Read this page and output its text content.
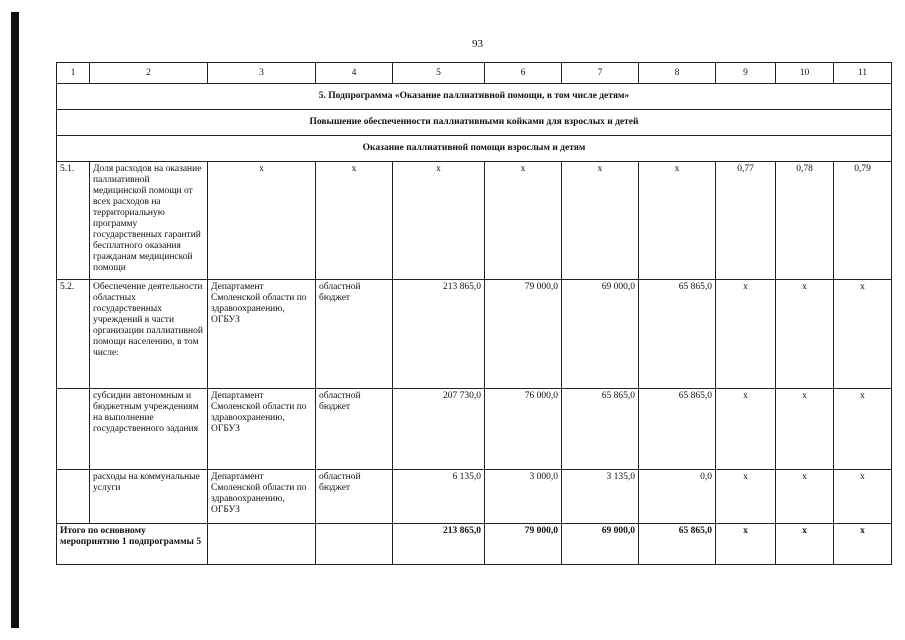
93
1	2	3	4	5	6	7	8	9	10	11
5. Подпрограмма «Оказание паллиативной помощи, в том числе детям»										
Повышение обеспеченности паллиативными койками для взрослых и детей										
Оказание паллиативной помощи взрослым и детям										
5.1.	Доля расходов на оказание паллиативной медицинской помощи от всех расходов на территориальную программу государственных гарантий бесплатного оказания гражданам медицинской помощи	x	x	x	x	x	x	0,77	0,78	0,79
5.2.	Обеспечение деятельности областных государственных учреждений в части организации паллиативной помощи населению, в том числе:	Департамент Смоленской области по здравоохранению, ОГБУЗ	областной бюджет	213 865,0	79 000,0	69 000,0	65 865,0	x	x	x
	субсидии автономным и бюджетным учреждениям на выполнение государственного задания	Департамент Смоленской области по здравоохранению, ОГБУЗ	областной бюджет	207 730,0	76 000,0	65 865,0	65 865,0	x	x	x
	расходы на коммунальные услуги	Департамент Смоленской области по здравоохранению, ОГБУЗ	областной бюджет	6 135,0	3 000,0	3 135,0	0,0	x	x	x
Итого по основному мероприятию 1 подпрограммы 5				213 865,0	79 000,0	69 000,0	65 865,0	x	x	x
